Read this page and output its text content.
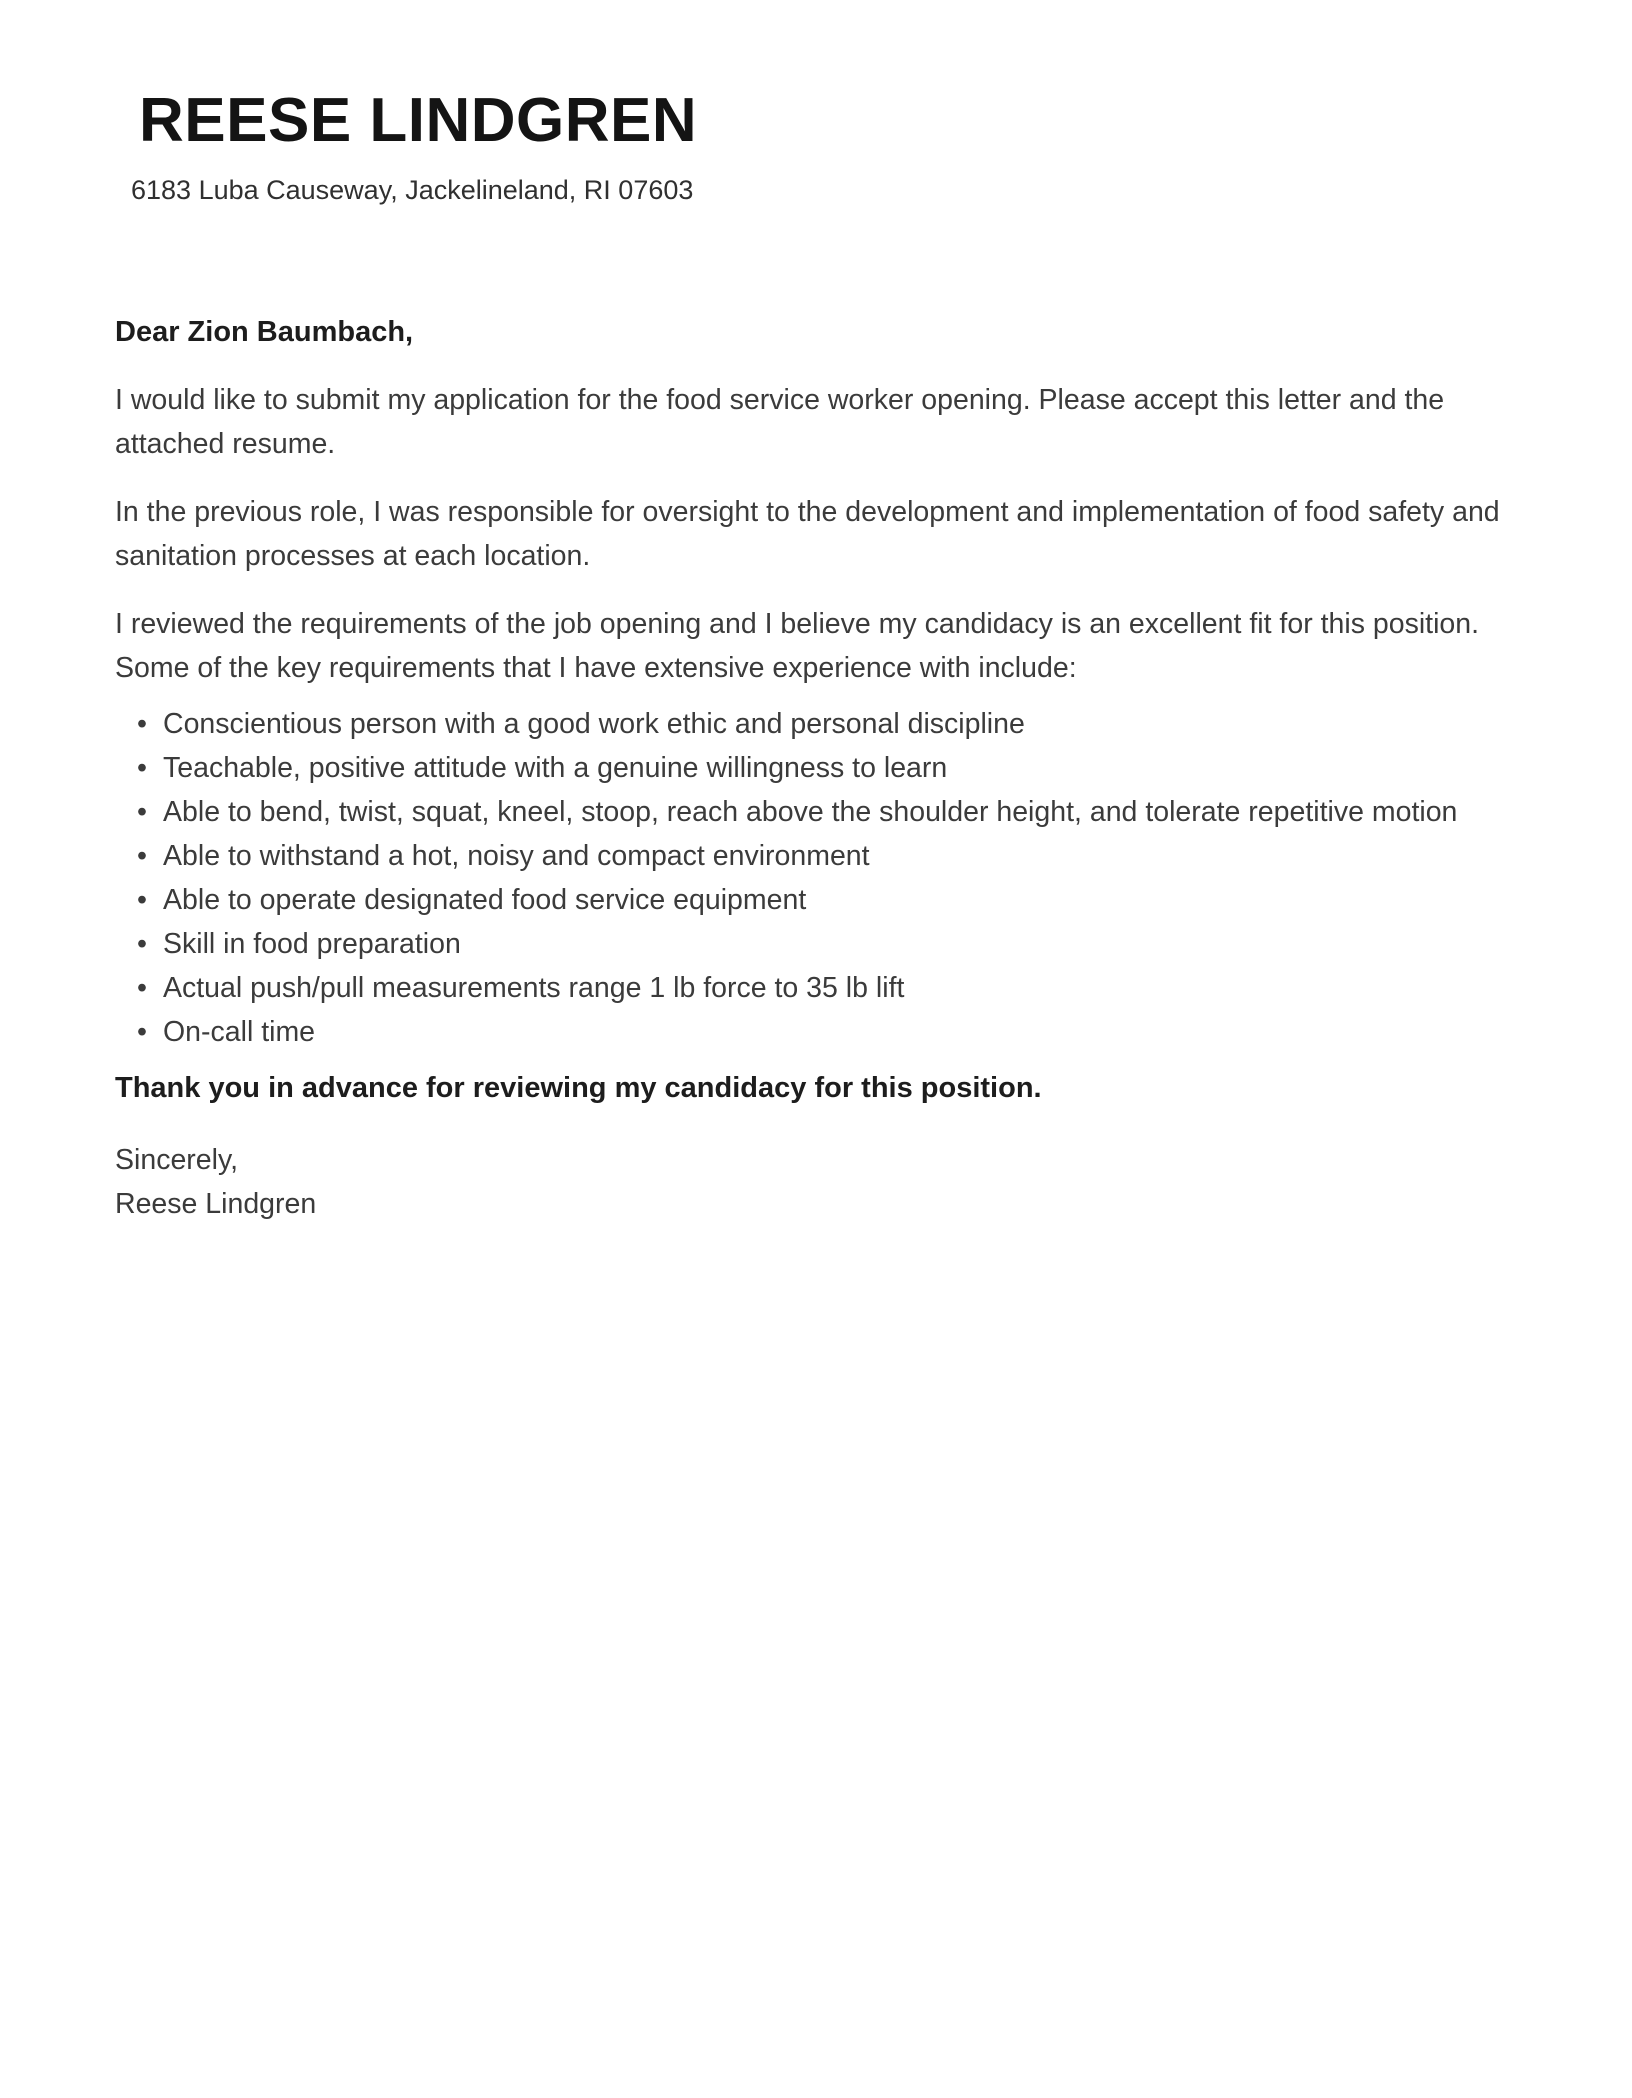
REESE LINDGREN
6183 Luba Causeway, Jackelineland, RI 07603

Dear Zion Baumbach,

I would like to submit my application for the food service worker opening. Please accept this letter and the attached resume.

In the previous role, I was responsible for oversight to the development and implementation of food safety and sanitation processes at each location.

I reviewed the requirements of the job opening and I believe my candidacy is an excellent fit for this position. Some of the key requirements that I have extensive experience with include:

• Conscientious person with a good work ethic and personal discipline
• Teachable, positive attitude with a genuine willingness to learn
• Able to bend, twist, squat, kneel, stoop, reach above the shoulder height, and tolerate repetitive motion
• Able to withstand a hot, noisy and compact environment
• Able to operate designated food service equipment
• Skill in food preparation
• Actual push/pull measurements range 1 lb force to 35 lb lift
• On-call time

Thank you in advance for reviewing my candidacy for this position.

Sincerely,
Reese Lindgren
